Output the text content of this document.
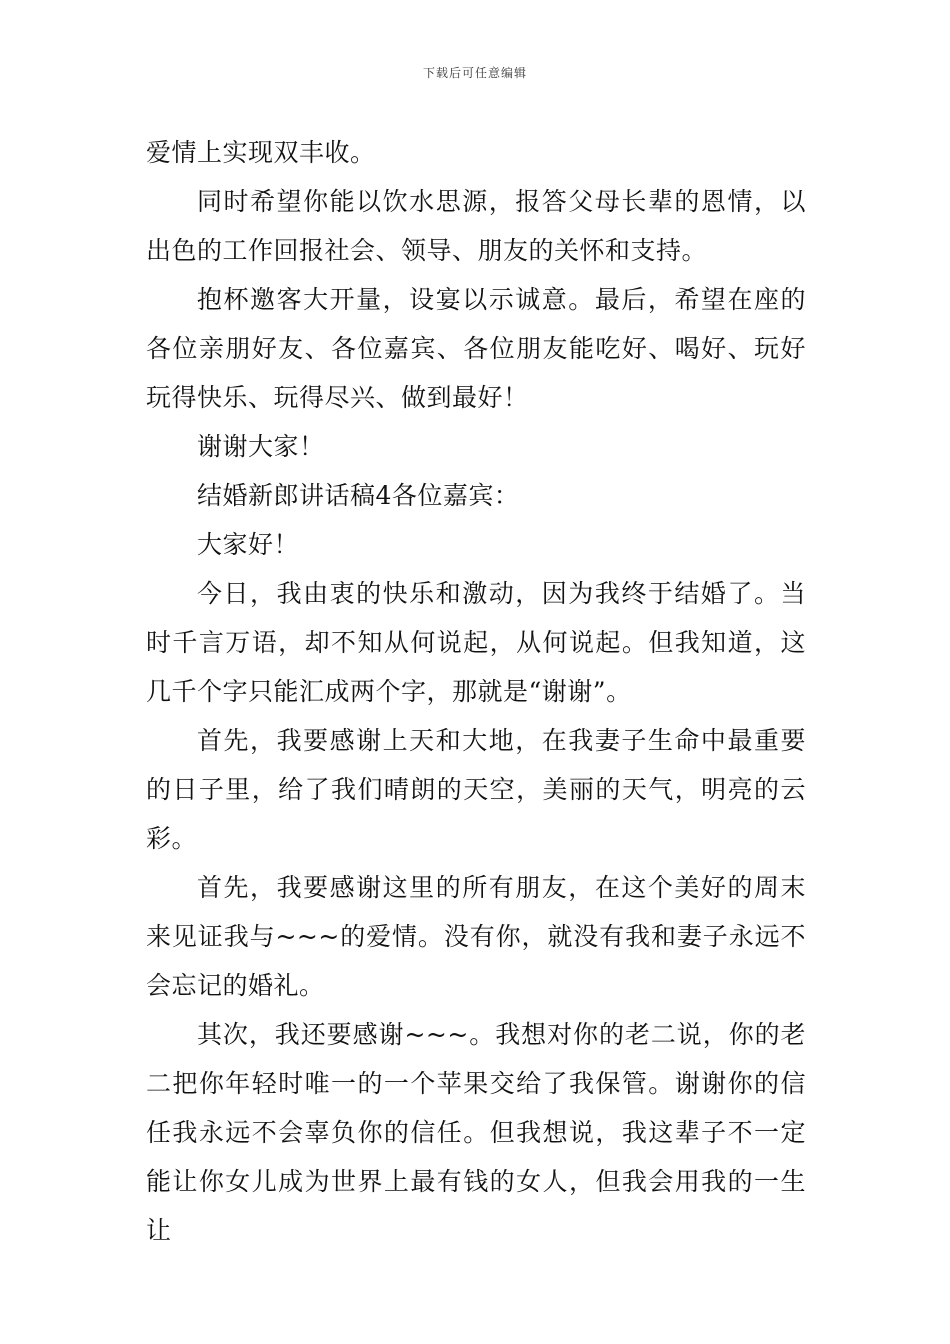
下载后可任意编辑

爱情上实现双丰收。

同时希望你能以饮水思源，报答父母长辈的恩情，以出色的工作回报社会、领导、朋友的关怀和支持。

抱杯邀客大开量，设宴以示诚意。最后，希望在座的各位亲朋好友、各位嘉宾、各位朋友能吃好、喝好、玩好玩得快乐、玩得尽兴、做到最好！

谢谢大家！

结婚新郎讲话稿4各位嘉宾：

大家好！

今日，我由衷的快乐和激动，因为我终于结婚了。当时千言万语，却不知从何说起，从何说起。但我知道，这几千个字只能汇成两个字，那就是“谢谢”。

首先，我要感谢上天和大地，在我妻子生命中最重要的日子里，给了我们晴朗的天空，美丽的天气，明亮的云彩。

首先，我要感谢这里的所有朋友，在这个美好的周末来见证我与~~~的爱情。没有你，就没有我和妻子永远不会忘记的婚礼。

其次，我还要感谢~~~。我想对你的老二说，你的老二把你年轻时唯一的一个苹果交给了我保管。谢谢你的信任我永远不会辜负你的信任。但我想说，我这辈子不一定能让你女儿成为世界上最有钱的女人，但我会用我的一生让
